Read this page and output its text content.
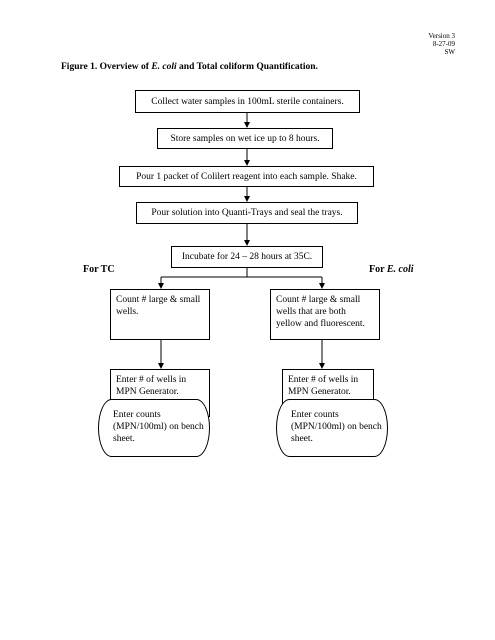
Version 3
8-27-09
SW
Figure 1. Overview of E. coli and Total coliform Quantification.
Collect water samples in 100mL sterile containers.
Store samples on wet ice up to 8 hours.
Pour 1 packet of Colilert reagent into each sample. Shake.
Pour solution into Quanti-Trays and seal the trays.
Incubate for 24 – 28 hours at 35C.
For TC	For E. coli
Count # large & small wells.
Enter # of wells in MPN Generator.
Enter counts (MPN/100ml) on bench sheet.
Count # large & small wells that are both yellow and fluorescent.
Enter # of wells in MPN Generator.
Enter counts (MPN/100ml) on bench sheet.
